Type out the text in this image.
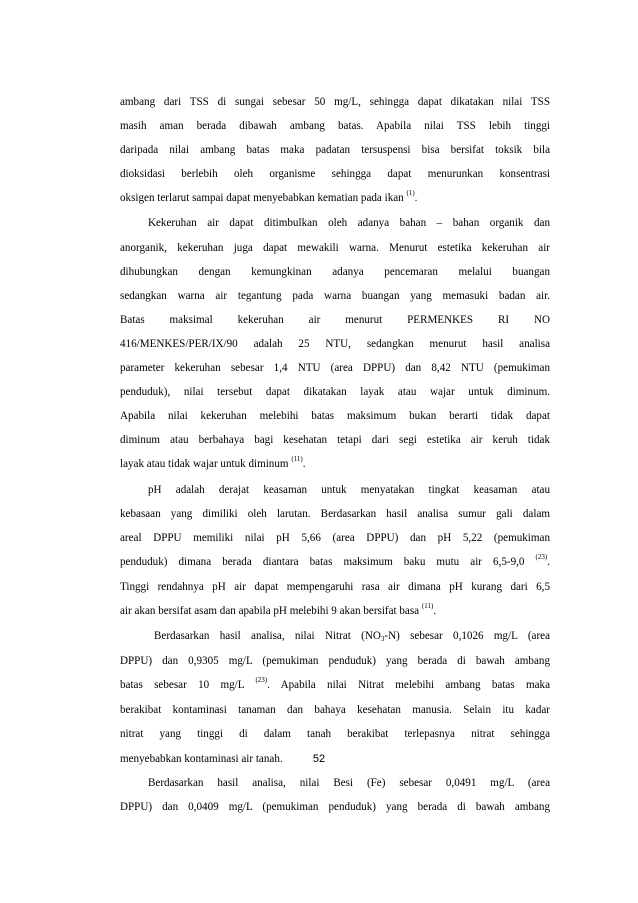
ambang dari TSS di sungai sebesar 50 mg/L, sehingga dapat dikatakan nilai TSS
masih aman berada dibawah ambang batas. Apabila nilai TSS lebih tinggi
daripada nilai ambang batas maka padatan tersuspensi bisa bersifat toksik bila
dioksidasi berlebih oleh organisme sehingga dapat menurunkan konsentrasi
oksigen terlarut sampai dapat menyebabkan kematian pada ikan $^{(1)}$.

Kekeruhan air dapat ditimbulkan oleh adanya bahan – bahan organik dan
anorganik, kekeruhan juga dapat mewakili warna. Menurut estetika kekeruhan air
dihubungkan dengan kemungkinan adanya pencemaran melalui buangan
sedangkan warna air tegantung pada warna buangan yang memasuki badan air.
Batas maksimal kekeruhan air menurut PERMENKES RI NO
416/MENKES/PER/IX/90 adalah 25 NTU, sedangkan menurut hasil analisa
parameter kekeruhan sebesar 1,4 NTU (area DPPU) dan 8,42 NTU (pemukiman
penduduk), nilai tersebut dapat dikatakan layak atau wajar untuk diminum.
Apabila nilai kekeruhan melebihi batas maksimum bukan berarti tidak dapat
diminum atau berbahaya bagi kesehatan tetapi dari segi estetika air keruh tidak
layak atau tidak wajar untuk diminum $^{(11)}$.

pH adalah derajat keasaman untuk menyatakan tingkat keasaman atau
kebasaan yang dimiliki oleh larutan. Berdasarkan hasil analisa sumur gali dalam
areal DPPU memiliki nilai pH 5,66 (area DPPU) dan pH 5,22 (pemukiman
penduduk) dimana berada diantara batas maksimum baku mutu air 6,5-9,0 $^{(23)}$.
Tinggi rendahnya pH air dapat mempengaruhi rasa air dimana pH kurang dari 6,5
air akan bersifat asam dan apabila pH melebihi 9 akan bersifat basa $^{(11)}$.

Berdasarkan hasil analisa, nilai Nitrat $(NO_3-N)$ sebesar 0,1026 mg/L (area
DPPU) dan 0,9305 mg/L (pemukiman penduduk) yang berada di bawah ambang
batas sebesar 10 mg/L $^{(23)}$. Apabila nilai Nitrat melebihi ambang batas maka
berakibat kontaminasi tanaman dan bahaya kesehatan manusia. Selain itu kadar
nitrat yang tinggi di dalam tanah berakibat terlepasnya nitrat sehingga
menyebabkan kontaminasi air tanah.

Berdasarkan hasil analisa, nilai Besi (Fe) sebesar 0,0491 mg/L (area
DPPU) dan 0,0409 mg/L (pemukiman penduduk) yang berada di bawah ambang

52
